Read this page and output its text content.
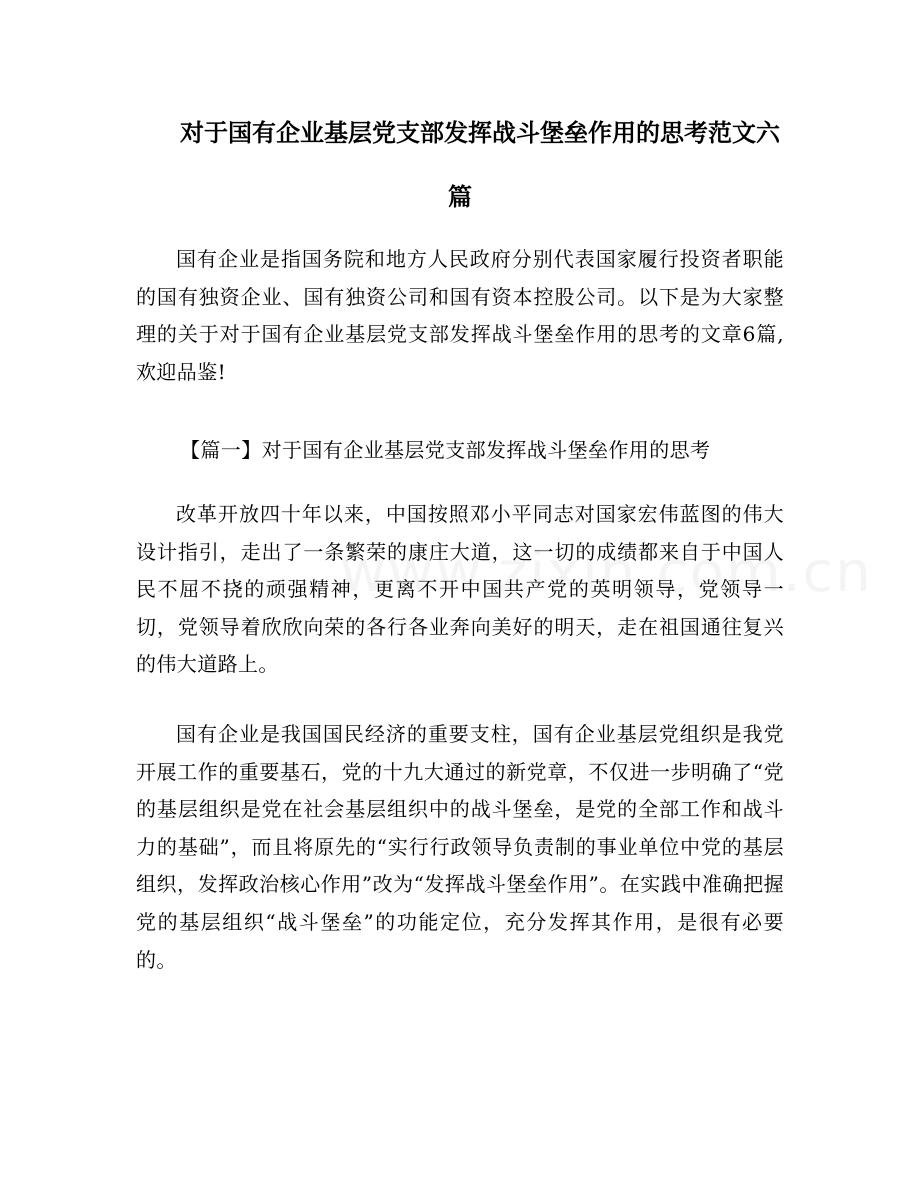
对于国有企业基层党支部发挥战斗堡垒作用的思考范文六
篇

国有企业是指国务院和地方人民政府分别代表国家履行投资者职能的国有独资企业、国有独资公司和国有资本控股公司。以下是为大家整理的关于对于国有企业基层党支部发挥战斗堡垒作用的思考的文章6篇,欢迎品鉴!

【篇一】对于国有企业基层党支部发挥战斗堡垒作用的思考

改革开放四十年以来，中国按照邓小平同志对国家宏伟蓝图的伟大设计指引，走出了一条繁荣的康庄大道，这一切的成绩都来自于中国人民不屈不挠的顽强精神，更离不开中国共产党的英明领导，党领导一切，党领导着欣欣向荣的各行各业奔向美好的明天，走在祖国通往复兴的伟大道路上。

国有企业是我国国民经济的重要支柱，国有企业基层党组织是我党开展工作的重要基石，党的十九大通过的新党章，不仅进一步明确了“党的基层组织是党在社会基层组织中的战斗堡垒，是党的全部工作和战斗力的基础”，而且将原先的“实行行政领导负责制的事业单位中党的基层组织，发挥政治核心作用”改为“发挥战斗堡垒作用”。在实践中准确把握党的基层组织“战斗堡垒”的功能定位，充分发挥其作用，是很有必要的。
